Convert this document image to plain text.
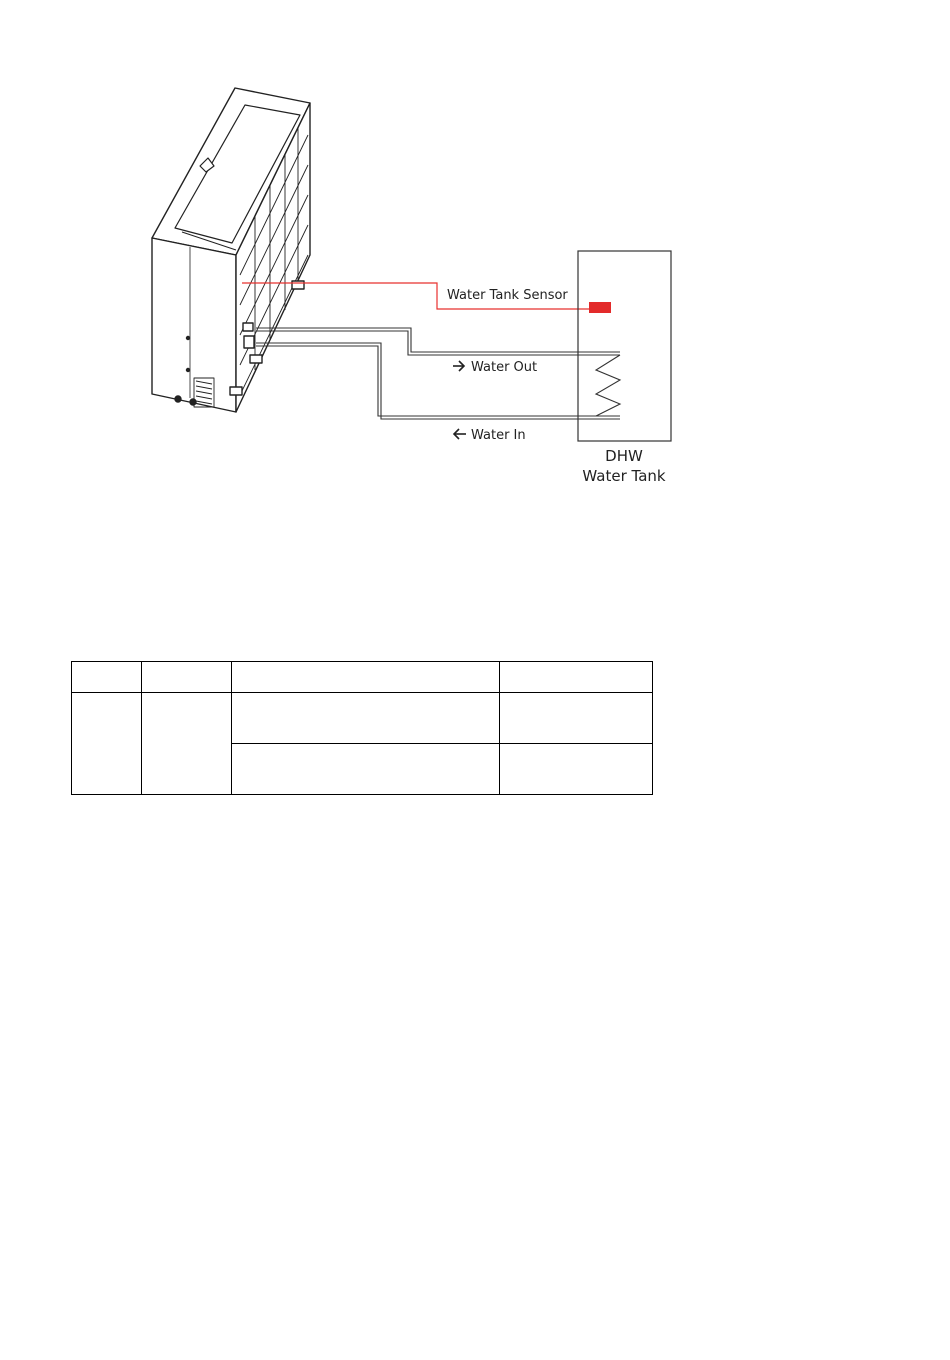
Water Tank Sensor
Water Out
Water In
DHW
Water Tank
